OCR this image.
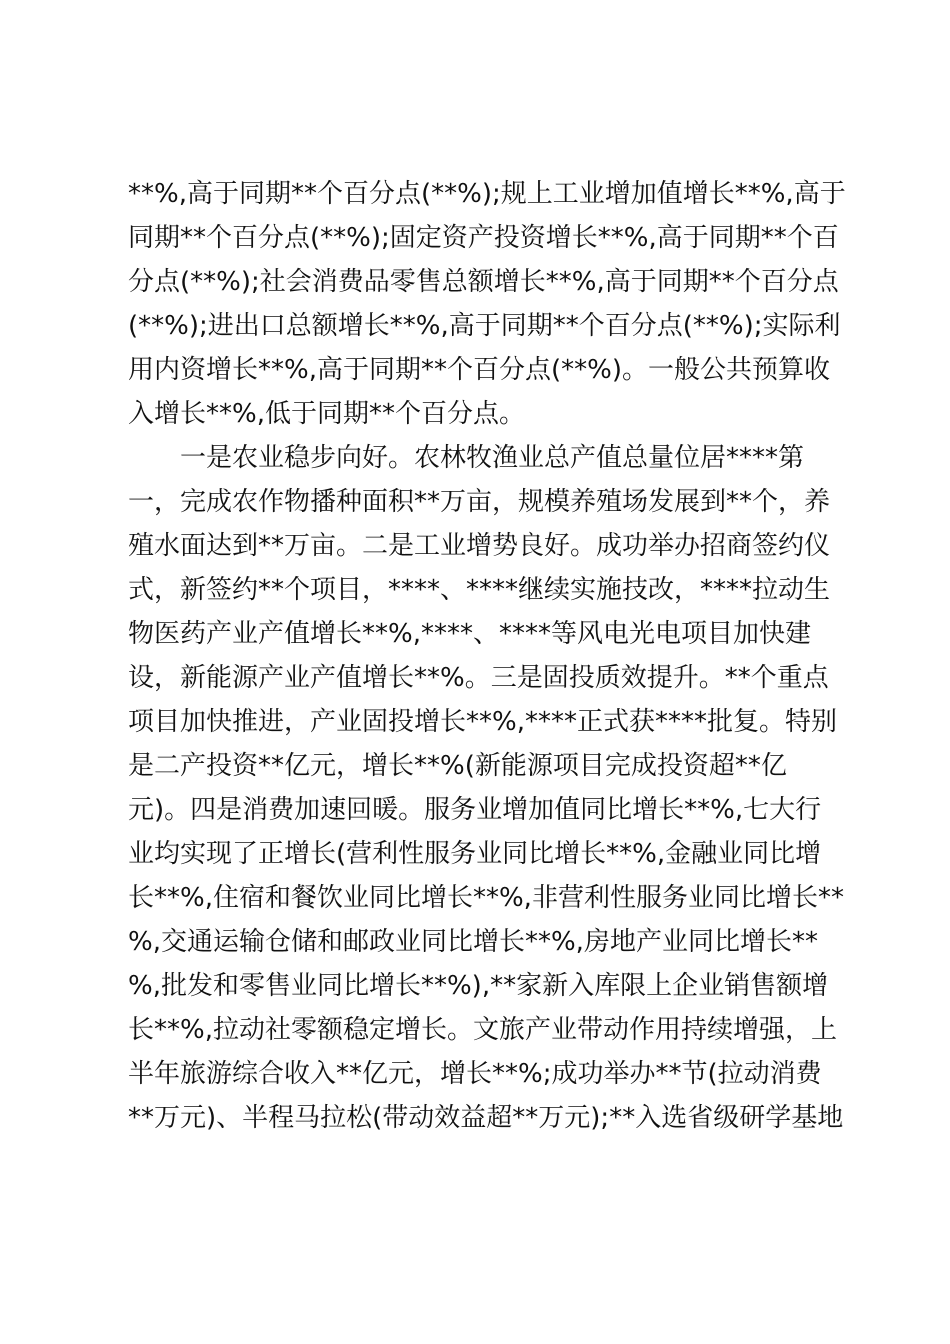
**%,高于同期**个百分点(**%);规上工业增加值增长**%,高于
同期**个百分点(**%);固定资产投资增长**%,高于同期**个百
分点(**%);社会消费品零售总额增长**%,高于同期**个百分点
(**%);进出口总额增长**%,高于同期**个百分点(**%);实际利
用内资增长**%,高于同期**个百分点(**%)。一般公共预算收
入增长**%,低于同期**个百分点。
　　一是农业稳步向好。农林牧渔业总产值总量位居****第
一，完成农作物播种面积**万亩，规模养殖场发展到**个，养
殖水面达到**万亩。二是工业增势良好。成功举办招商签约仪
式，新签约**个项目，****、****继续实施技改，****拉动生
物医药产业产值增长**%,****、****等风电光电项目加快建
设，新能源产业产值增长**%。三是固投质效提升。**个重点
项目加快推进，产业固投增长**%,****正式获****批复。特别
是二产投资**亿元，增长**%(新能源项目完成投资超**亿
元)。四是消费加速回暖。服务业增加值同比增长**%,七大行
业均实现了正增长(营利性服务业同比增长**%,金融业同比增
长**%,住宿和餐饮业同比增长**%,非营利性服务业同比增长**
%,交通运输仓储和邮政业同比增长**%,房地产业同比增长**
%,批发和零售业同比增长**%),**家新入库限上企业销售额增
长**%,拉动社零额稳定增长。文旅产业带动作用持续增强，上
半年旅游综合收入**亿元，增长**%;成功举办**节(拉动消费
**万元)、半程马拉松(带动效益超**万元);**入选省级研学基地
